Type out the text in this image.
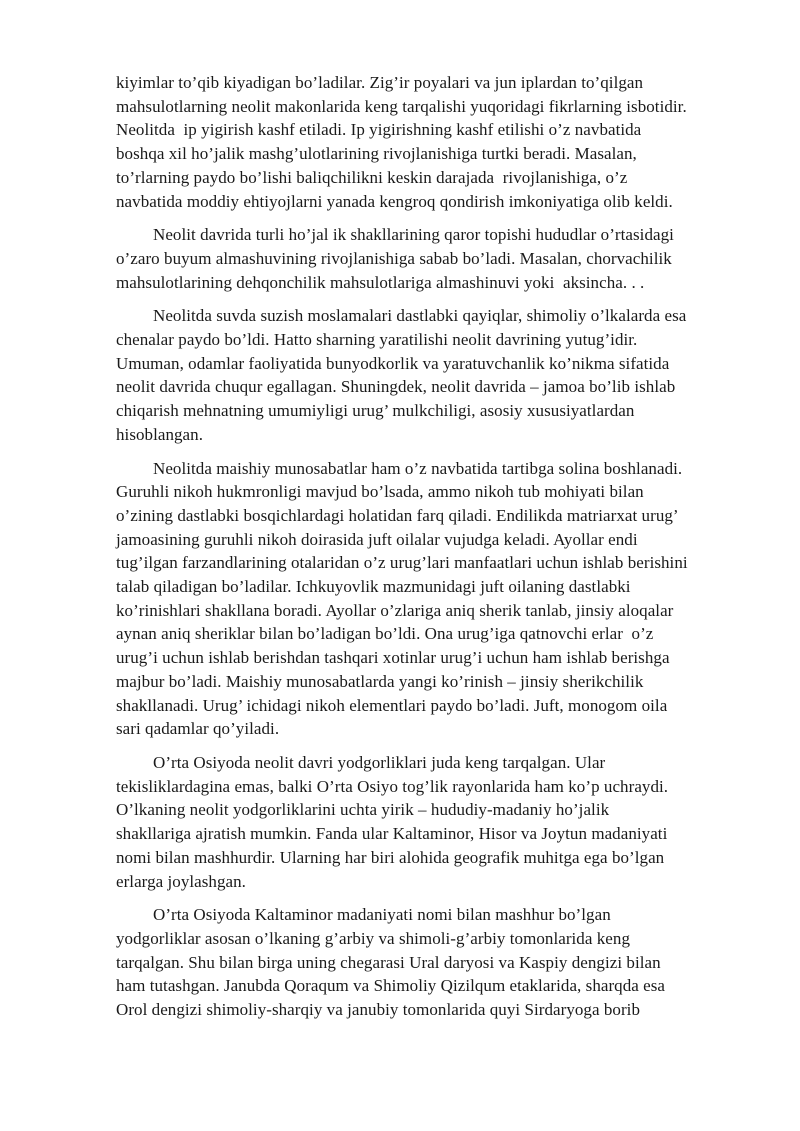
kiyimlar to’qib kiyadigan bo’ladilar. Zig’ir poyalari va jun iplardan to’qilgan
mahsulotlarning neolit makonlarida keng tarqalishi yuqoridagi fikrlarning isbotidir.
Neolitda  ip yigirish kashf etiladi. Ip yigirishning kashf etilishi o’z navbatida
boshqa xil ho’jalik mashg’ulotlarining rivojlanishiga turtki beradi. Masalan,
to’rlarning paydo bo’lishi baliqchilikni keskin darajada  rivojlanishiga, o’z
navbatida moddiy ehtiyojlarni yanada kengroq qondirish imkoniyatiga olib keldi.

Neolit davrida turli ho’jal ik shakllarining qaror topishi hududlar o’rtasidagi
o’zaro buyum almashuvining rivojlanishiga sabab bo’ladi. Masalan, chorvachilik
mahsulotlarining dehqonchilik mahsulotlariga almashinuvi yoki  aksincha. . .

Neolitda suvda suzish moslamalari dastlabki qayiqlar, shimoliy o’lkalarda esa
chenalar paydo bo’ldi. Hatto sharning yaratilishi neolit davrining yutug’idir.
Umuman, odamlar faoliyatida bunyodkorlik va yaratuvchanlik ko’nikma sifatida
neolit davrida chuqur egallagan. Shuningdek, neolit davrida – jamoa bo’lib ishlab
chiqarish mehnatning umumiyligi urug’ mulkchiligi, asosiy xususiyatlardan
hisoblangan.

Neolitda maishiy munosabatlar ham o’z navbatida tartibga solina boshlanadi.
Guruhli nikoh hukmronligi mavjud bo’lsada, ammo nikoh tub mohiyati bilan
o’zining dastlabki bosqichlardagi holatidan farq qiladi. Endilikda matriarxat urug’
jamoasining guruhli nikoh doirasida juft oilalar vujudga keladi. Ayollar endi
tug’ilgan farzandlarining otalaridan o’z urug’lari manfaatlari uchun ishlab berishini
talab qiladigan bo’ladilar. Ichkuyovlik mazmunidagi juft oilaning dastlabki
ko’rinishlari shakllana boradi. Ayollar o’zlariga aniq sherik tanlab, jinsiy aloqalar
aynan aniq sheriklar bilan bo’ladigan bo’ldi. Ona urug’iga qatnovchi erlar  o’z
urug’i uchun ishlab berishdan tashqari xotinlar urug’i uchun ham ishlab berishga
majbur bo’ladi. Maishiy munosabatlarda yangi ko’rinish – jinsiy sherikchilik
shakllanadi. Urug’ ichidagi nikoh elementlari paydo bo’ladi. Juft, monogom oila
sari qadamlar qo’yiladi.

O’rta Osiyoda neolit davri yodgorliklari juda keng tarqalgan. Ular
tekisliklardagina emas, balki O’rta Osiyo tog’lik rayonlarida ham ko’p uchraydi.
O’lkaning neolit yodgorliklarini uchta yirik – hududiy-madaniy ho’jalik
shakllariga ajratish mumkin. Fanda ular Kaltaminor, Hisor va Joytun madaniyati
nomi bilan mashhurdir. Ularning har biri alohida geografik muhitga ega bo’lgan
erlarga joylashgan.

O’rta Osiyoda Kaltaminor madaniyati nomi bilan mashhur bo’lgan
yodgorliklar asosan o’lkaning g’arbiy va shimoli-g’arbiy tomonlarida keng
tarqalgan. Shu bilan birga uning chegarasi Ural daryosi va Kaspiy dengizi bilan
ham tutashgan. Janubda Qoraqum va Shimoliy Qizilqum etaklarida, sharqda esa
Orol dengizi shimoliy-sharqiy va janubiy tomonlarida quyi Sirdaryoga borib
